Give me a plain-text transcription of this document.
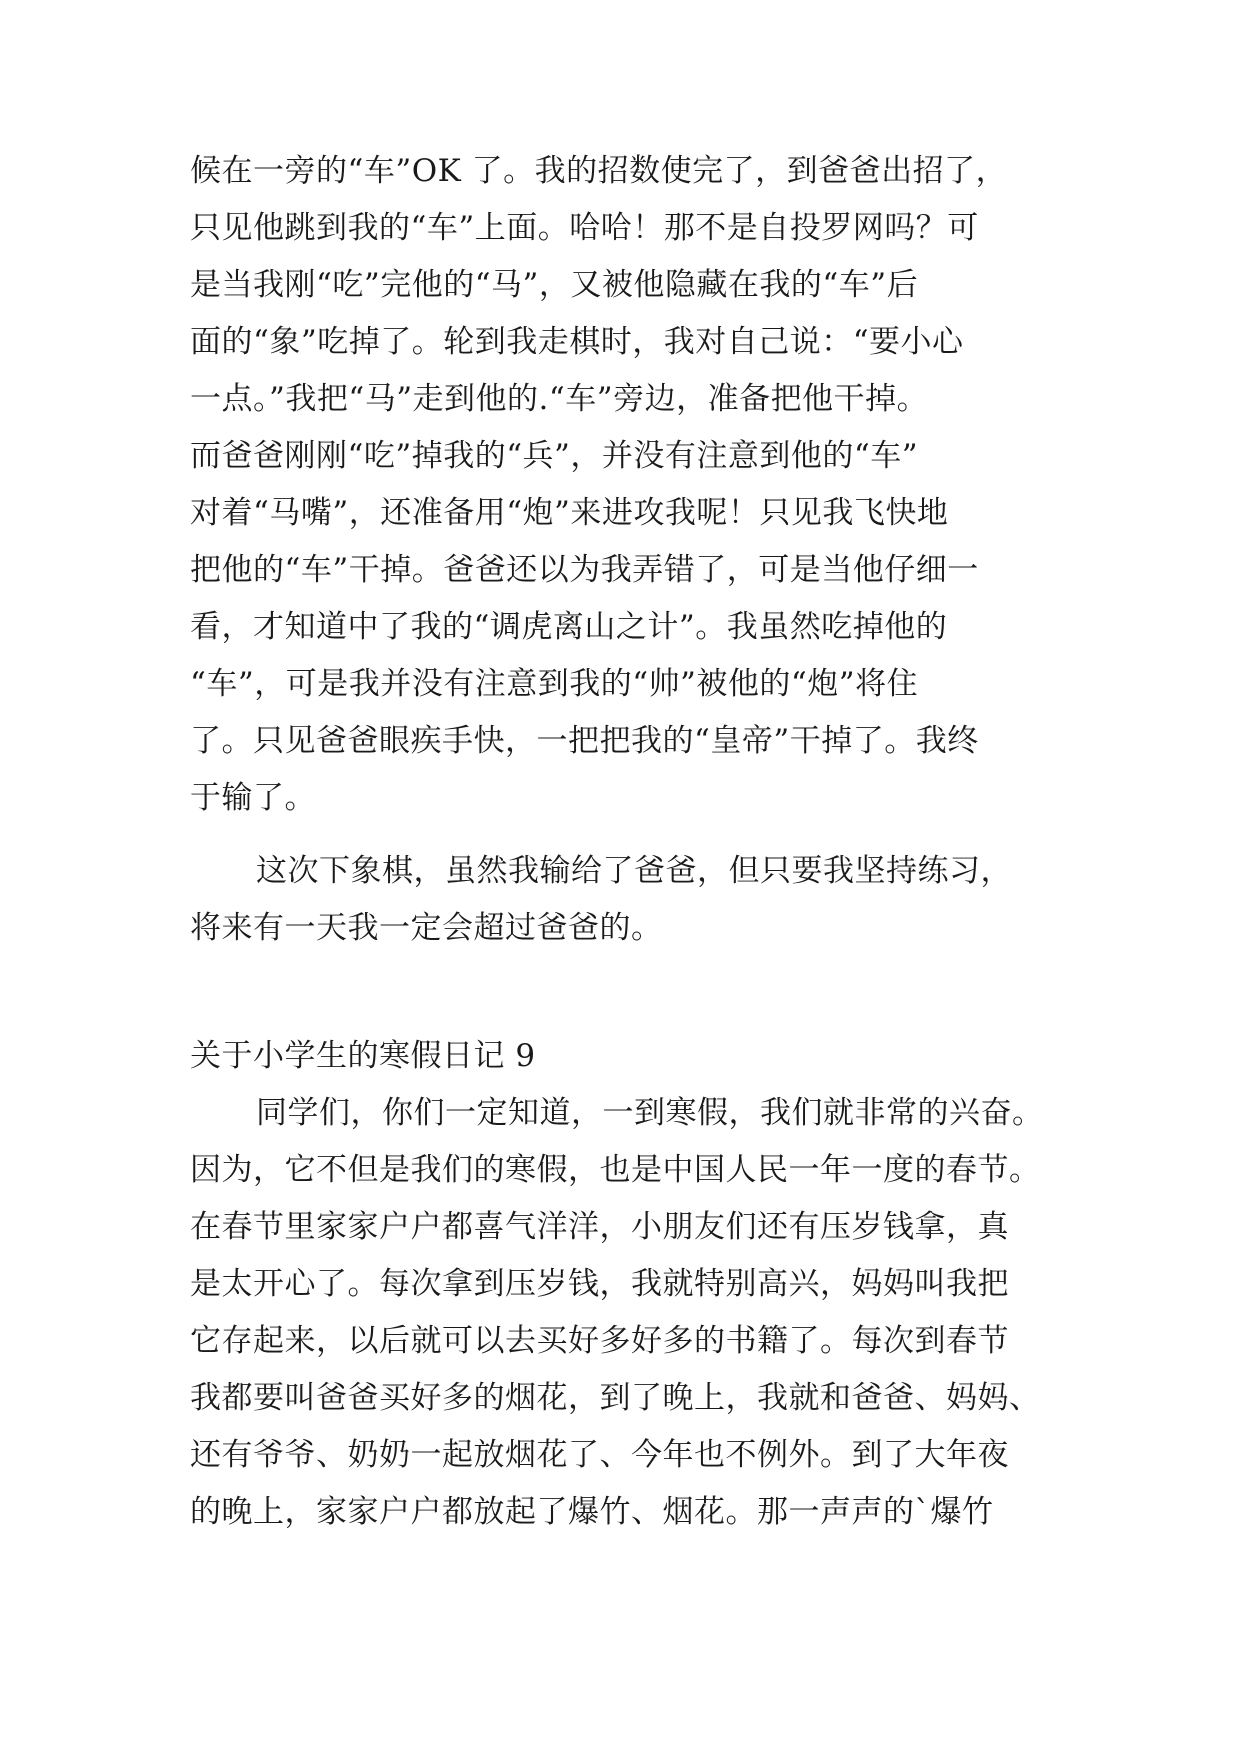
候在一旁的“车”OK 了。我的招数使完了，到爸爸出招了，
只见他跳到我的“车”上面。哈哈！那不是自投罗网吗？可
是当我刚“吃”完他的“马”，又被他隐藏在我的“车”后
面的“象”吃掉了。轮到我走棋时，我对自己说：“要小心
一点。”我把“马”走到他的.“车”旁边，准备把他干掉。
而爸爸刚刚“吃”掉我的“兵”，并没有注意到他的“车”
对着“马嘴”，还准备用“炮”来进攻我呢！只见我飞快地
把他的“车”干掉。爸爸还以为我弄错了，可是当他仔细一
看，才知道中了我的“调虎离山之计”。我虽然吃掉他的
“车”，可是我并没有注意到我的“帅”被他的“炮”将住
了。只见爸爸眼疾手快，一把把我的“皇帝”干掉了。我终
于输了。
这次下象棋，虽然我输给了爸爸，但只要我坚持练习，
将来有一天我一定会超过爸爸的。
关于小学生的寒假日记 9
同学们，你们一定知道，一到寒假，我们就非常的兴奋。
因为，它不但是我们的寒假，也是中国人民一年一度的春节。
在春节里家家户户都喜气洋洋，小朋友们还有压岁钱拿，真
是太开心了。每次拿到压岁钱，我就特别高兴，妈妈叫我把
它存起来，以后就可以去买好多好多的书籍了。每次到春节
我都要叫爸爸买好多的烟花，到了晚上，我就和爸爸、妈妈、
还有爷爷、奶奶一起放烟花了、今年也不例外。到了大年夜
的晚上，家家户户都放起了爆竹、烟花。那一声声的`爆竹
